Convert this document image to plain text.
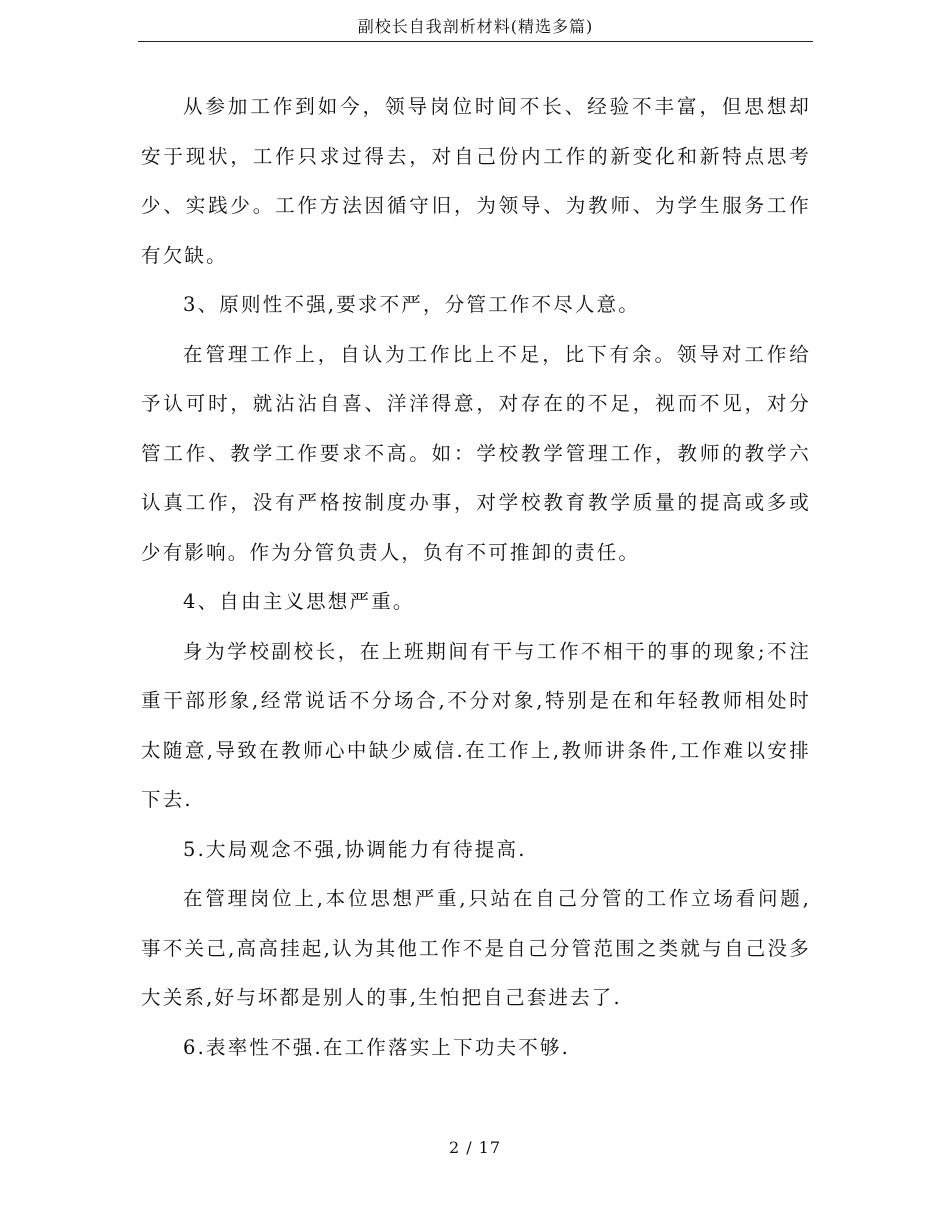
副校长自我剖析材料(精选多篇)

从参加工作到如今，领导岗位时间不长、经验不丰富，但思想却安于现状，工作只求过得去，对自己份内工作的新变化和新特点思考少、实践少。工作方法因循守旧，为领导、为教师、为学生服务工作有欠缺。

3、原则性不强,要求不严，分管工作不尽人意。

在管理工作上，自认为工作比上不足，比下有余。领导对工作给予认可时，就沾沾自喜、洋洋得意，对存在的不足，视而不见，对分管工作、教学工作要求不高。如：学校教学管理工作，教师的教学六认真工作，没有严格按制度办事，对学校教育教学质量的提高或多或少有影响。作为分管负责人，负有不可推卸的责任。

4、自由主义思想严重。

身为学校副校长，在上班期间有干与工作不相干的事的现象;不注重干部形象,经常说话不分场合,不分对象,特别是在和年轻教师相处时太随意,导致在教师心中缺少威信.在工作上,教师讲条件,工作难以安排下去.

5.大局观念不强,协调能力有待提高.

在管理岗位上,本位思想严重,只站在自己分管的工作立场看问题,事不关己,高高挂起,认为其他工作不是自己分管范围之类就与自己没多大关系,好与坏都是别人的事,生怕把自己套进去了.

6.表率性不强.在工作落实上下功夫不够.

2 / 17
